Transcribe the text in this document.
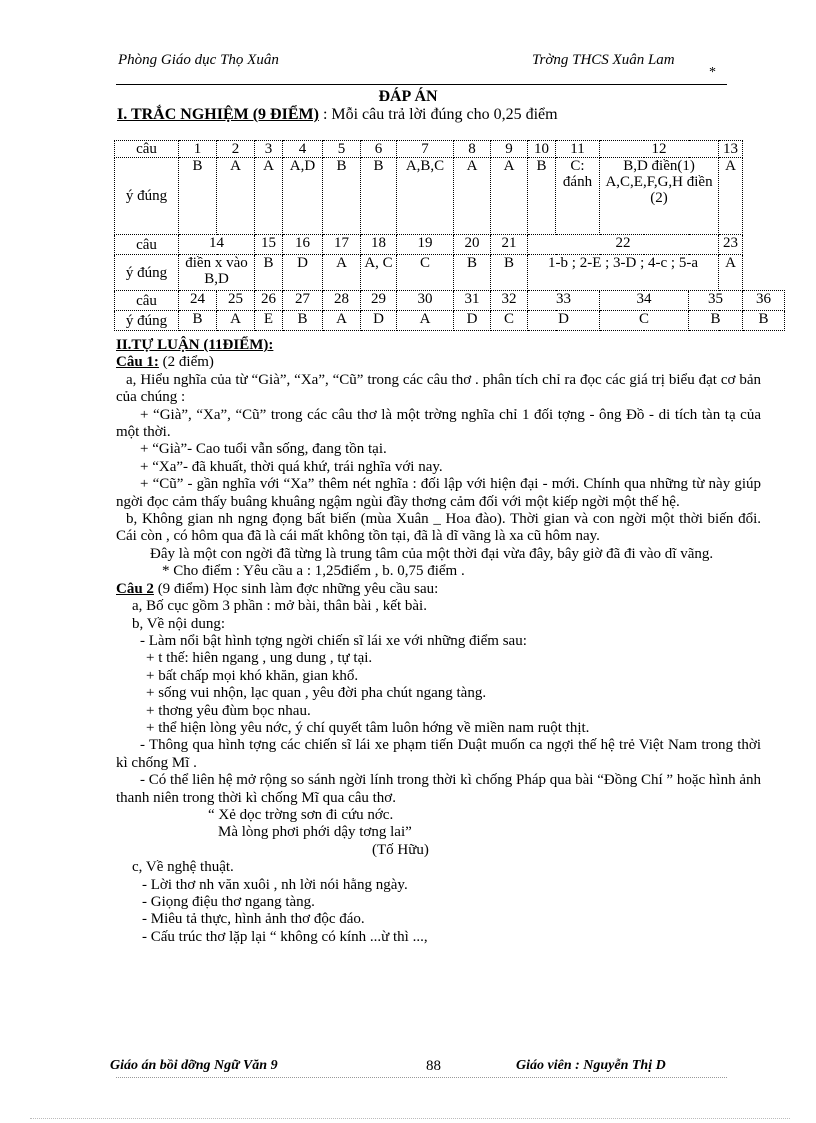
Phòng Giáo dục Thọ Xuân	Trờng THCS Xuân Lam
*
ĐÁP ÁN
I. TRẮC NGHIỆM (9 ĐIỂM) : Mỗi câu trả lời đúng cho 0,25 điểm
câu	1	2	3	4	5	6	7	8	9	10	11	12		13	
ý đúng	B	A	A	A,D	B	B	A,B,C	A	A	B	C: đánh	B,D điền(1) A,C,E,F,G,H điền (2)		A	
câu	14		15	16	17	18	19	20	21	22				23	
ý đúng	điền x vào B,D		B	D	A	A, C	C	B	B	1-b ; 2-E ; 3-D ; 4-c ; 5-a				A	
câu	24	25	26	27	28	29	30	31	32	33		34	35		36
ý đúng	B	A	E	B	A	D	A	D	C	D		C	B		B

II.TỰ LUẬN (11ĐIỂM):

Câu 1: (2 điểm)

a, Hiểu nghĩa của từ “Già”, “Xa”, “Cũ” trong các câu thơ . phân tích chỉ ra đọc các giá trị biểu đạt cơ bản của chúng :

+ “Già”, “Xa”, “Cũ” trong các câu thơ là một trờng nghĩa chỉ 1 đối tợng - ông Đồ - di tích tàn tạ của một thời.

+ “Già”- Cao tuổi vẫn sống, đang tồn tại.

+ “Xa”- đã khuất, thời quá khứ, trái nghĩa với nay.

+ “Cũ” - gần nghĩa với “Xa” thêm nét nghĩa : đối lập với hiện đại - mới. Chính qua những từ này giúp ngời đọc cảm thấy buâng khuâng ngậm ngùi đầy thơng cảm đối với một kiếp ngời một thế hệ.

b, Không gian nh ngng đọng bất biến (mùa Xuân _ Hoa đào). Thời gian và con ngời một thời biến đổi. Cái còn , có hôm qua đã là cái mất không tồn tại, đã là dĩ vãng là xa cũ hôm nay.

Đây là một con ngời đã từng là trung tâm của một thời đại vừa đây, bây giờ đã đi vào dĩ vãng.

* Cho điểm : Yêu cầu a : 1,25điểm , b. 0,75 điểm .

Câu 2 (9 điểm) Học sinh làm đợc những yêu cầu sau:

a, Bố cục gồm 3 phần : mở bài, thân bài , kết bài.

b, Về nội dung:

- Làm nổi bật hình tợng ngời chiến sĩ lái xe với những điểm sau:

+ t thế: hiên ngang , ung dung , tự tại.

+ bất chấp mọi khó khăn, gian khổ.

+ sống vui nhộn, lạc quan , yêu đời pha chút ngang tàng.

+ thơng yêu đùm bọc nhau.

+ thể hiện lòng yêu nớc, ý chí quyết tâm luôn hớng về miền nam ruột thịt.

- Thông qua hình tợng các chiến sĩ lái xe phạm tiến Duật muốn ca ngợi thế hệ trẻ Việt Nam trong thời kì chống Mĩ .

- Có thể liên hệ mở rộng so sánh ngời lính trong thời kì chống Pháp qua bài “Đồng Chí ” hoặc hình ảnh thanh niên trong thời kì chống Mĩ qua câu thơ.

“ Xẻ dọc trờng sơn đi cứu nớc.

Mà lòng phơi phới dậy tơng lai”

(Tố Hữu)

c, Về nghệ thuật.

- Lời thơ nh văn xuôi , nh lời nói hằng ngày.

- Giọng điệu thơ ngang tàng.

- Miêu tả thực, hình ảnh thơ độc đáo.

- Cấu trúc thơ lặp lại “ không có kính ...ừ thì ...,

Giáo án bồi dỡng Ngữ Văn 9	88	Giáo viên : Nguyễn Thị D
